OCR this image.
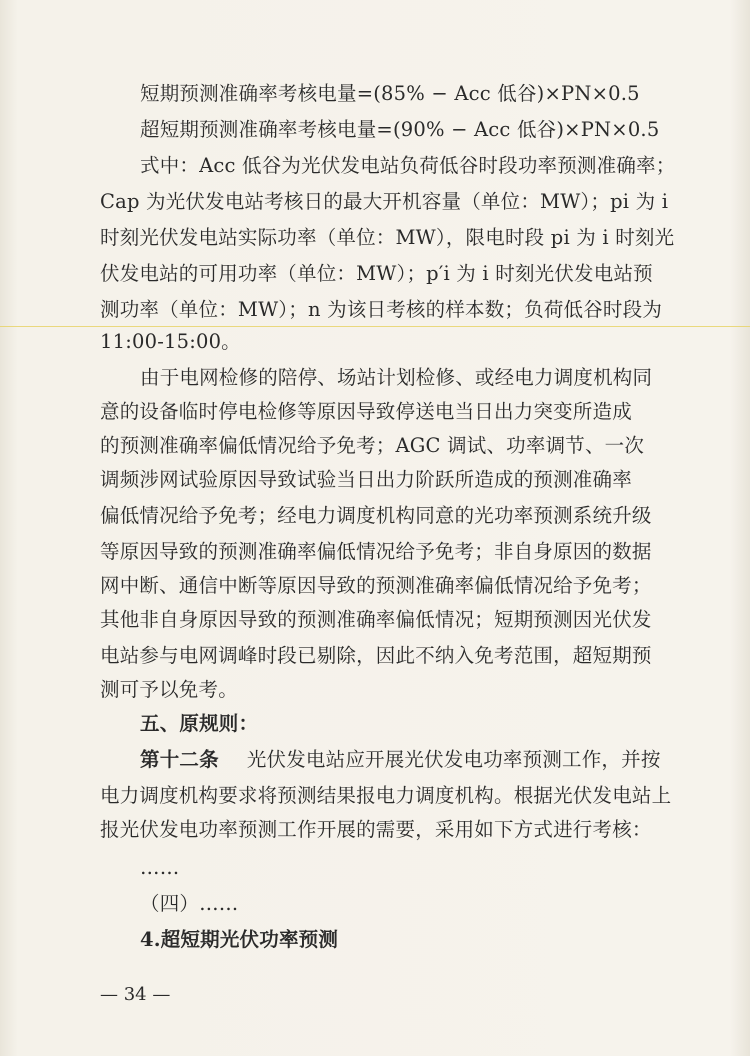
短期预测准确率考核电量=(85% − Acc 低谷)×PN×0.5
超短期预测准确率考核电量=(90% − Acc 低谷)×PN×0.5
式中：Acc 低谷为光伏发电站负荷低谷时段功率预测准确率；
Cap 为光伏发电站考核日的最大开机容量（单位：MW）；pi 为 i
时刻光伏发电站实际功率（单位：MW），限电时段 pi 为 i 时刻光
伏发电站的可用功率（单位：MW）；p′i 为 i 时刻光伏发电站预
测功率（单位：MW）；n 为该日考核的样本数；负荷低谷时段为
11:00-15:00。
由于电网检修的陪停、场站计划检修、或经电力调度机构同
意的设备临时停电检修等原因导致停送电当日出力突变所造成
的预测准确率偏低情况给予免考；AGC 调试、功率调节、一次
调频涉网试验原因导致试验当日出力阶跃所造成的预测准确率
偏低情况给予免考；经电力调度机构同意的光功率预测系统升级
等原因导致的预测准确率偏低情况给予免考；非自身原因的数据
网中断、通信中断等原因导致的预测准确率偏低情况给予免考；
其他非自身原因导致的预测准确率偏低情况；短期预测因光伏发
电站参与电网调峰时段已剔除，因此不纳入免考范围，超短期预
测可予以免考。
五、原规则：
第十二条 光伏发电站应开展光伏发电功率预测工作，并按
电力调度机构要求将预测结果报电力调度机构。根据光伏发电站上
报光伏发电功率预测工作开展的需要，采用如下方式进行考核：
……
（四）……
4.超短期光伏功率预测
— 34 —
